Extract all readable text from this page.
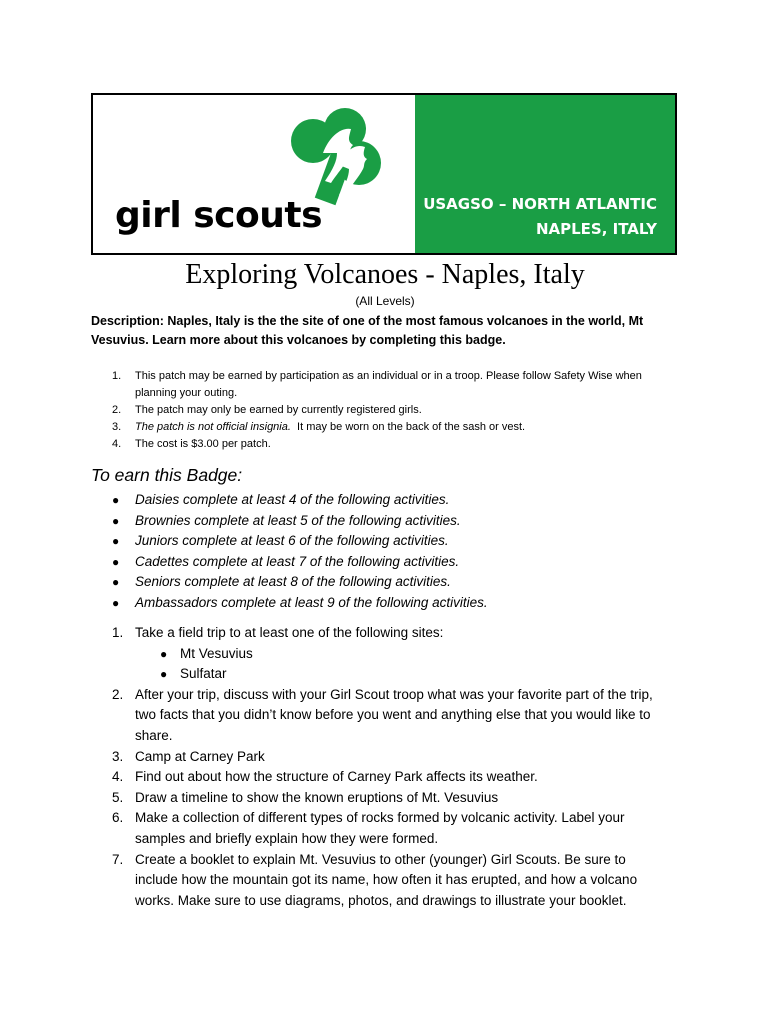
girl scouts	USAGSO – NORTH ATLANTIC
NAPLES, ITALY
Exploring Volcanoes - Naples, Italy
(All Levels)
Description: Naples, Italy is the the site of one of the most famous volcanoes in the world, Mt Vesuvius. Learn more about this volcanoes by completing this badge.
1. This patch may be earned by participation as an individual or in a troop. Please follow Safety Wise when planning your outing.
2. The patch may only be earned by currently registered girls.
3. The patch is not official insignia.  It may be worn on the back of the sash or vest.
4. The cost is $3.00 per patch.
To earn this Badge:
● Daisies complete at least 4 of the following activities.
● Brownies complete at least 5 of the following activities.
● Juniors complete at least 6 of the following activities.
● Cadettes complete at least 7 of the following activities.
● Seniors complete at least 8 of the following activities.
● Ambassadors complete at least 9 of the following activities.
1. Take a field trip to at least one of the following sites:
● Mt Vesuvius
● Sulfatar
2. After your trip, discuss with your Girl Scout troop what was your favorite part of the trip, two facts that you didn’t know before you went and anything else that you would like to share.
3. Camp at Carney Park
4. Find out about how the structure of Carney Park affects its weather.
5. Draw a timeline to show the known eruptions of Mt. Vesuvius
6. Make a collection of different types of rocks formed by volcanic activity. Label your samples and briefly explain how they were formed.
7. Create a booklet to explain Mt. Vesuvius to other (younger) Girl Scouts. Be sure to include how the mountain got its name, how often it has erupted, and how a volcano works. Make sure to use diagrams, photos, and drawings to illustrate your booklet.
